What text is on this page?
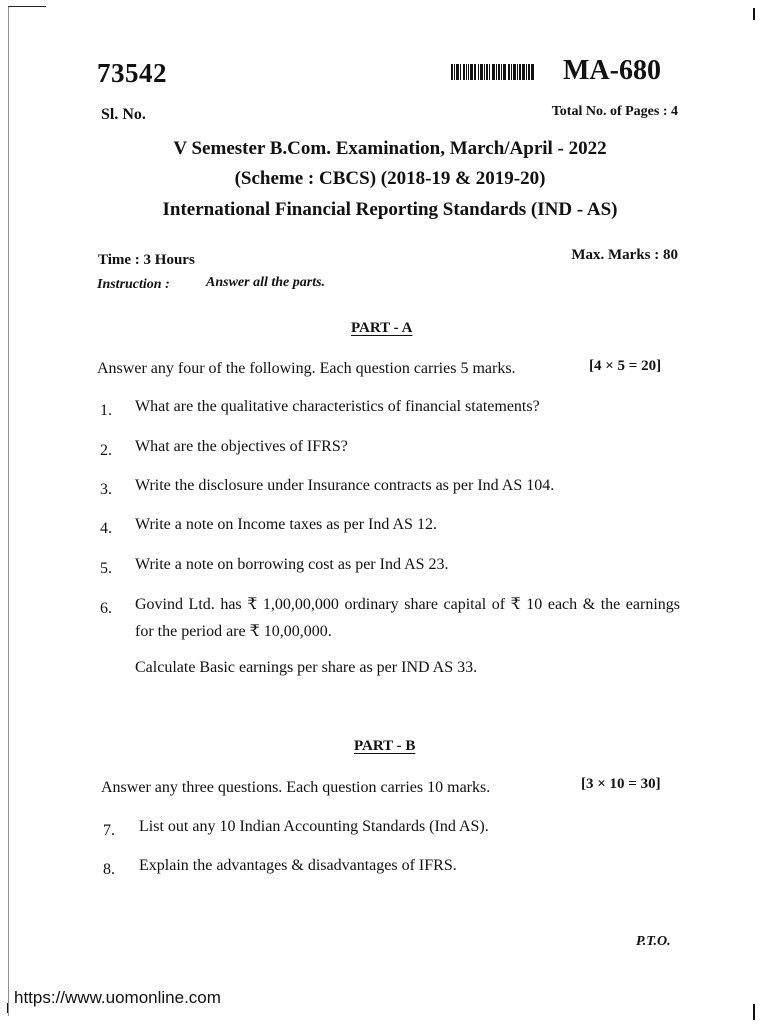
73542	MA-680
Sl. No.	Total No. of Pages : 4
V Semester B.Com. Examination, March/April - 2022
(Scheme : CBCS) (2018-19 & 2019-20)
International Financial Reporting Standards (IND - AS)
Time : 3 Hours	Max. Marks : 80
Instruction :	Answer all the parts.
PART - A
Answer any four of the following. Each question carries 5 marks.	[4 × 5 = 20]
1. What are the qualitative characteristics of financial statements?
2. What are the objectives of IFRS?
3. Write the disclosure under Insurance contracts as per Ind AS 104.
4. Write a note on Income taxes as per Ind AS 12.
5. Write a note on borrowing cost as per Ind AS 23.
6. Govind Ltd. has ₹ 1,00,00,000 ordinary share capital of ₹ 10 each & the earnings for the period are ₹ 10,00,000.
Calculate Basic earnings per share as per IND AS 33.
PART - B
Answer any three questions. Each question carries 10 marks.	[3 × 10 = 30]
7. List out any 10 Indian Accounting Standards (Ind AS).
8. Explain the advantages & disadvantages of IFRS.
P.T.O.
https://www.uomonline.com
